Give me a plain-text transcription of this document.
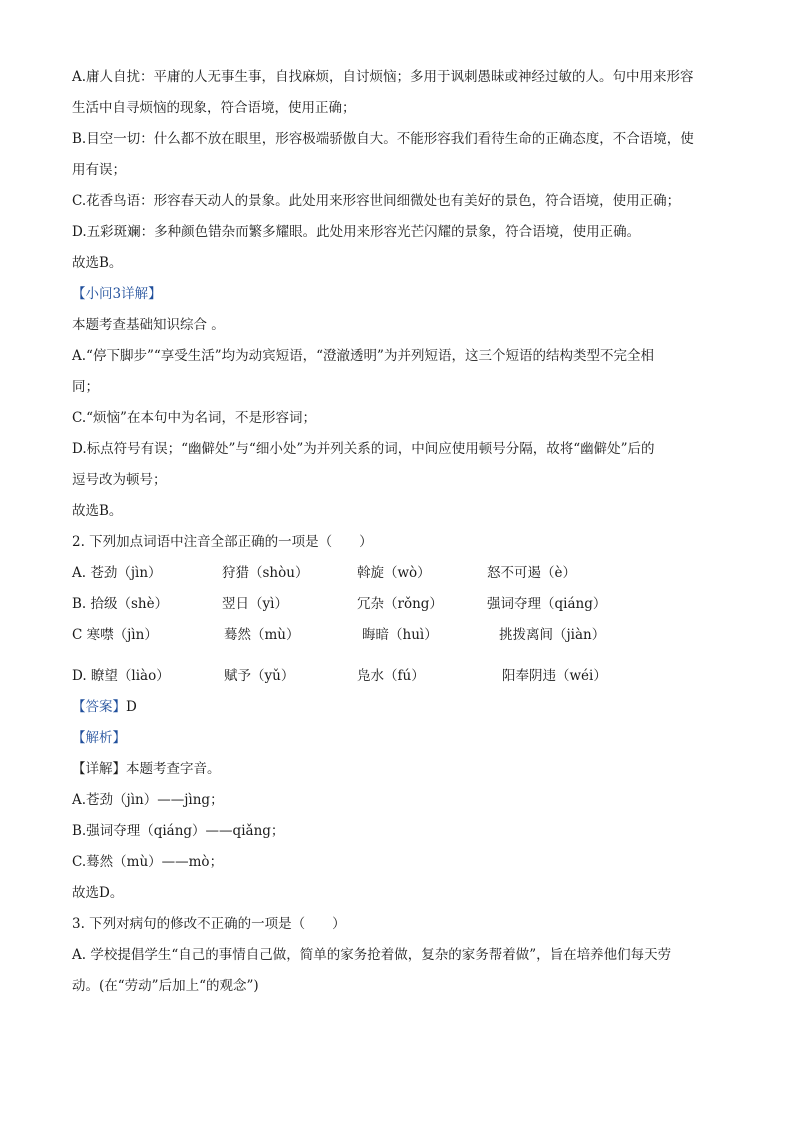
A.庸人自扰：平庸的人无事生事，自找麻烦，自讨烦恼；多用于讽刺愚昧或神经过敏的人。句中用来形容

生活中自寻烦恼的现象，符合语境，使用正确；

B.目空一切：什么都不放在眼里，形容极端骄傲自大。不能形容我们看待生命的正确态度，不合语境，使

用有误；

C.花香鸟语：形容春天动人的景象。此处用来形容世间细微处也有美好的景色，符合语境，使用正确；

D.五彩斑斓：多种颜色错杂而繁多耀眼。此处用来形容光芒闪耀的景象，符合语境，使用正确。

故选B。

【小问3详解】

本题考查基础知识综合 。

A.“停下脚步”“享受生活”均为动宾短语，“澄澈透明”为并列短语，这三个短语的结构类型不完全相

同；

C.“烦恼”在本句中为名词，不是形容词；

D.标点符号有误；“幽僻处”与“细小处”为并列关系的词，中间应使用顿号分隔，故将“幽僻处”后的

逗号改为顿号；

故选B。

2. 下列加点词语中注音全部正确的一项是（　　）

A. 苍劲（jìn）	狩猎（shòu）	斡旋（wò）	怒不可遏（è）
B. 拾级（shè）	翌日（yì）	冗杂（rǒng）	强词夺理（qiáng）
C 寒噤（jìn）	蓦然（mù）	晦暗（huì）	挑拨离间（jiàn）
D. 瞭望（liào）	赋予（yǔ）	凫水（fú）	阳奉阴违（wéi）

【答案】D

【解析】

【详解】本题考查字音。

A.苍劲（jìn）——jìng；

B.强词夺理（qiáng）——qiǎng；

C.蓦然（mù）——mò；

故选D。

3. 下列对病句的修改不正确的一项是（　　）

A. 学校提倡学生“自己的事情自己做，简单的家务抢着做，复杂的家务帮着做”，旨在培养他们每天劳

动。(在“劳动”后加上“的观念”)
